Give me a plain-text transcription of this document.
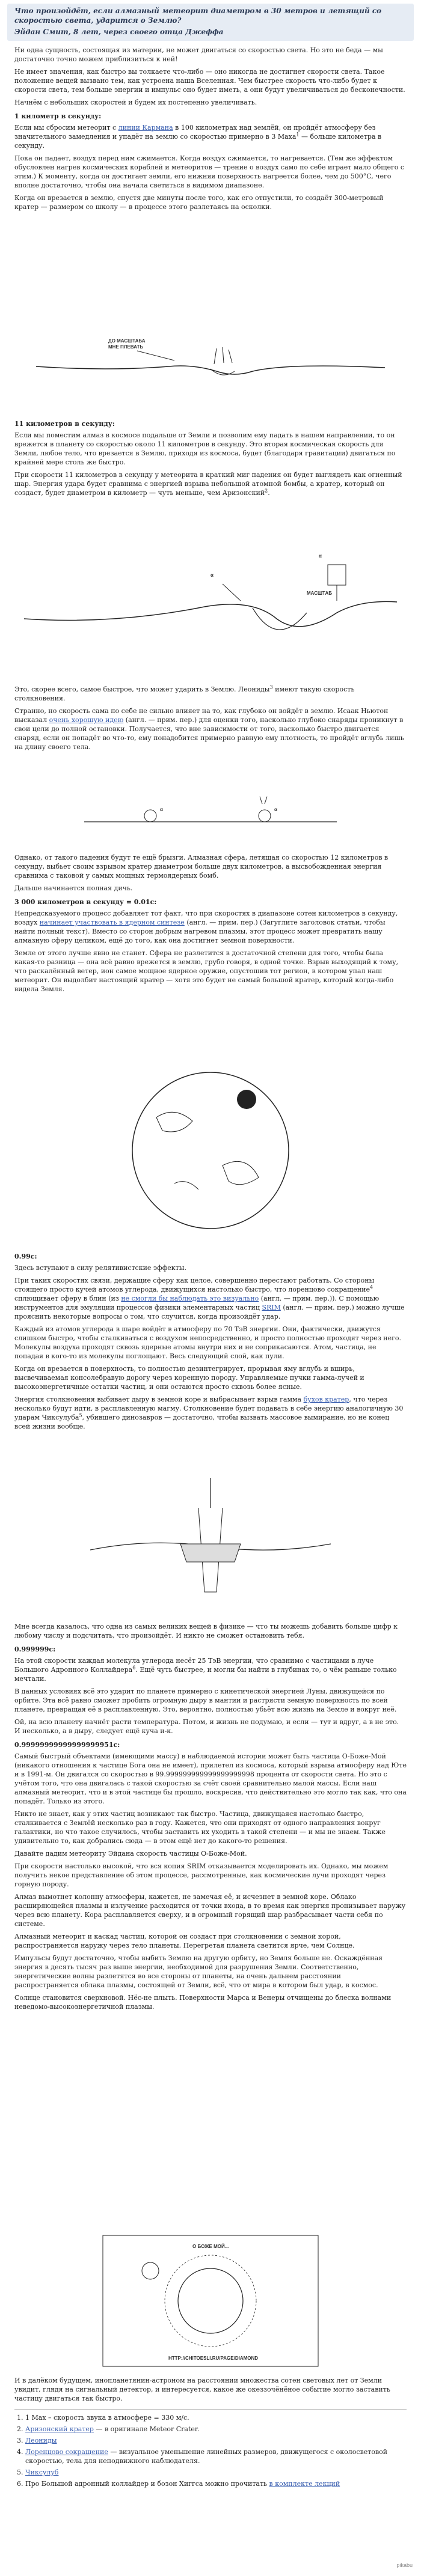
Что произойдёт, если алмазный метеорит диаметром в 30 метров и летящий со скоростью света, ударится о Землю?
Эйдан Смит, 8 лет, через своего отца Джеффа

Ни одна сущность, состоящая из материи, не может двигаться со скоростью света. Но это не беда — мы достаточно точно можем приблизиться к ней!

Не имеет значения, как быстро вы толкаете что-либо — оно никогда не достигнет скорости света. Такое положение вещей вызвано тем, как устроена наша Вселенная. Чем быстрее скорость что-либо будет к скорости света, тем больше энергии и импульс оно будет иметь, а они будут увеличиваться до бесконечности.

Начнём с небольших скоростей и будем их постепенно увеличивать.

1 километр в секунду:

Если мы сбросим метеорит с линии Кармана в 100 километрах над землёй, он пройдёт атмосферу без значительного замедления и упадёт на землю со скоростью примерно в 3 Маха$^1$ — больше километра в секунду.

Пока он падает, воздух перед ним сжимается. Когда воздух сжимается, то нагревается. (Тем же эффектом обусловлен нагрев космических кораблей и метеоритов — трение о воздух само по себе играет мало общего с этим.) К моменту, когда он достигает земли, его нижняя поверхность нагреется более, чем до 500°C, чего вполне достаточно, чтобы она начала светиться в видимом диапазоне.

Когда он врезается в землю, спустя две минуты после того, как его отпустили, то создаёт 300-метровый кратер — размером со школу — в процессе этого разлетаясь на осколки.

ДО МАСШТАБА
МНЕ ПЛЕВАТЬ
11 километров в секунду:

Если мы поместим алмаз в космосе подальше от Земли и позволим ему падать в нашем направлении, то он врежется в планету со скоростью около 11 километров в секунду. Это вторая космическая скорость для Земли, любое тело, что врезается в Землю, приходя из космоса, будет (благодаря гравитации) двигаться по крайней мере столь же быстро.

При скорости 11 километров в секунду у метеорита в краткий миг падения он будет выглядеть как огненный шар. Энергия удара будет сравнима с энергией взрыва небольшой атомной бомбы, а кратер, который он создаст, будет диаметром в километр — чуть меньше, чем Аризонский$^2$.

α
α
МАСШТАБ

Это, скорее всего, самое быстрое, что может ударить в Землю. Леониды$^3$ имеют такую скорость столкновения.

Странно, но скорость сама по себе не сильно влияет на то, как глубоко он войдёт в землю. Исаак Ньютон высказал очень хорошую идею (англ. — прим. пер.) для оценки того, насколько глубоко снаряды проникнут в свои цели до полной остановки. Получается, что вне зависимости от того, насколько быстро двигается снаряд, если он попадёт во что-то, ему понадобится примерно равную ему плотность, то пройдёт вглубь лишь на длину своего тела.

α	α

Однако, от такого падения будут те ещё брызги. Алмазная сфера, летящая со скоростью 12 километров в секунду, выбьет своим взрывом кратер диаметром больше двух километров, а высвобожденная энергия сравнима с таковой у самых мощных термоядерных бомб.

Дальше начинается полная дичь.

3 000 километров в секунду = 0.01c:

Непредсказуемого процесс добавляет тот факт, что при скоростях в диапазоне сотен километров в секунду, воздух начинает участвовать в ядерном синтезе (англ. — прим. пер.) (Загуглите заголовок статьи, чтобы найти полный текст). Вместо со сторон добрым нагревом плазмы, этот процесс может превратить нашу алмазную сферу целиком, ещё до того, как она достигнет земной поверхности.

Земле от этого лучше явно не станет. Сфера не разлетится в достаточной степени для того, чтобы была какая-то разница — она всё равно врежется в землю, грубо говоря, в одной точке. Взрыв выходящий к тому, что раскалённый ветер, ион самое мощное ядерное оружие, опустошив тот регион, в котором упал наш метеорит. Он выдолбит настоящий кратер — хотя это будет не самый большой кратер, который когда-либо видела Земля.

0.99c:

Здесь вступают в силу релятивистские эффекты.

При таких скоростях связи, держащие сферу как целое, совершенно перестают работать. Со стороны стоящего просто кучей атомов углерода, движущихся настолько быстро, что лоренцово сокращение$^4$ сплющивает сферу в блин (из не смогли бы наблюдать это визуально (англ. — прим. пер.)). С помощью инструментов для эмуляции процессов физики элементарных частиц SRIM (англ. — прим. пер.) можно лучше прояснить некоторые вопросы о том, что случится, когда произойдёт удар.

Каждый из атомов углерода в шаре войдёт в атмосферу по 70 ТэВ энергии. Они, фактически, движутся слишком быстро, чтобы сталкиваться с воздухом непосредственно, и просто полностью проходят через него. Молекулы воздуха проходят сквозь ядерные атомы внутри них и не соприкасаются. Атом, частица, не попадая в кого-то из молекулы поглощают. Весь следующий слой, как пули.

Когда он врезается в поверхность, то полностью дезинтегрирует, прорывая яму вглубь и вширь, высвечиваемая консолебравую дорогу через коренную породу. Управляемые пучки гамма-лучей и высокоэнергетичные остатки частиц, и они остаются просто сквозь более ясные.

Энергия столкновения выбивает дыру в земной коре и выбрасывает взрыв гамма бухов кратер, что через несколько будут идти, в расплавленную магму. Столкновение будет подавать в себе энергию аналогичную 30 ударам Чиксулуба$^5$, убившего динозавров — достаточно, чтобы вызвать массовое вымирание, но не конец всей жизни вообще.

Мне всегда казалось, что одна из самых великих вещей в физике — что ты можешь добавить больше цифр к любому числу и подсчитать, что произойдёт. И никто не сможет остановить тебя.

0.999999c:

На этой скорости каждая молекула углерода несёт 25 ТэВ энергии, что сравнимо с частицами в луче Большого Адронного Коллайдера$^6$. Ещё чуть быстрее, и могли бы найти в глубинах то, о чём раньше только мечтали.

В данных условиях всё это ударит по планете примерно с кинетической энергией Луны, движущейся по орбите. Эта всё равно сможет пробить огромную дыру в мантии и растрясти земную поверхность по всей планете, превращая её в расплавленную. Это, вероятно, полностью убьёт всю жизнь на Земле и вокруг неё.

Ой, на всю планету начнёт расти температура. Потом, и жизнь не подумаю, и если — тут и вдруг, а в не это. И несколько, а в дыру, следует ещё куча и-к.

0.99999999999999999951c:

Самый быстрый объектами (имеющими массу) в наблюдаемой истории может быть частица О-Боже-Мой (никакого отношения к частице Бога она не имеет), прилетел из космоса, который взрыва атмосферу над Юте и в 1991-м. Он двигался со скоростью в 99.999999999999999999998 процента от скорости света. Но это с учётом того, что она двигалась с такой скоростью за счёт своей сравнительно малой массы. Если наш алмазный метеорит, что и в этой частице бы прошло, воскресив, что действительно это могло так как, что она попадёт. Только из этого.

Никто не знает, как у этих частиц возникают так быстро. Частица, движущаяся настолько быстро, сталкивается с Землёй несколько раз в году. Кажется, что они приходят от одного направления вокруг галактики, но что такое случилось, чтобы заставить их уходить в такой степени — и мы не знаем. Также удивительно то, как добрались сюда — в этом ещё нет до какого-то решения.

Давайте дадим метеориту Эйдана скорость частицы О-Боже-Мой.

При скорости настолько высокой, что вся копия SRIM отказывается моделировать их. Однако, мы можем получить некое представление об этом процессе, рассмотренные, как космические лучи проходят через горную породу.

Алмаз вымотнет колонну атмосферы, кажется, не замечая её, и исчезнет в земной коре. Облако расширяющейся плазмы и излучение расходится от точки входа, в то время как энергия пронизывает наружу через всю планету. Кора расплавляется сверху, и в огромный горящий шар разбрасывает части себя по системе.

Алмазный метеорит и каскад частиц, которой он создаст при столкновении с земной корой, распространяется наружу через тело планеты. Перегретая планета светится ярче, чем Солнце.

Импульсы будут достаточно, чтобы выбить Землю на другую орбиту, но Земля больше не. Оскаждённая энергия в десять тысяч раз выше энергии, необходимой для разрушения Земли. Соответственно, энергетические волны разлетятся во все стороны от планеты, на очень дальнем расстоянии распространяется облака плазмы, состоящей от Земли, всё, что от мира в котором был удар, в космос.

Солнце становится сверхновой. Нёс-не плыть. Поверхности Марса и Венеры отчищены до блеска волнами неведомо-высокоэнергетичной плазмы.

О БОЖЕ МОЙ...
HTTP://CHITOESLI.RU/PAGE/DIAMOND

И в далёком будущем, инопланетянин-астроном на расстоянии множества сотен световых лет от Земли увидит, глядя на сигнальный детектор, и интересуется, какое же океззочёнёное событие могло заставить частицу двигаться так быстро.

1. 1 Мах – скорость звука в атмосфере = 330 м/с.
2. Аризонский кратер — в оригинале Meteor Crater.
3. Леониды
4. Лоренцово сокращение — визуальное уменьшение линейных размеров, движущегося с околосветовой скоростью, тела для неподвижного наблюдателя.
5. Чиксулуб
6. Про Большой адронный коллайдер и бозон Хиггса можно прочитать в комплекте лекций
pikabu
